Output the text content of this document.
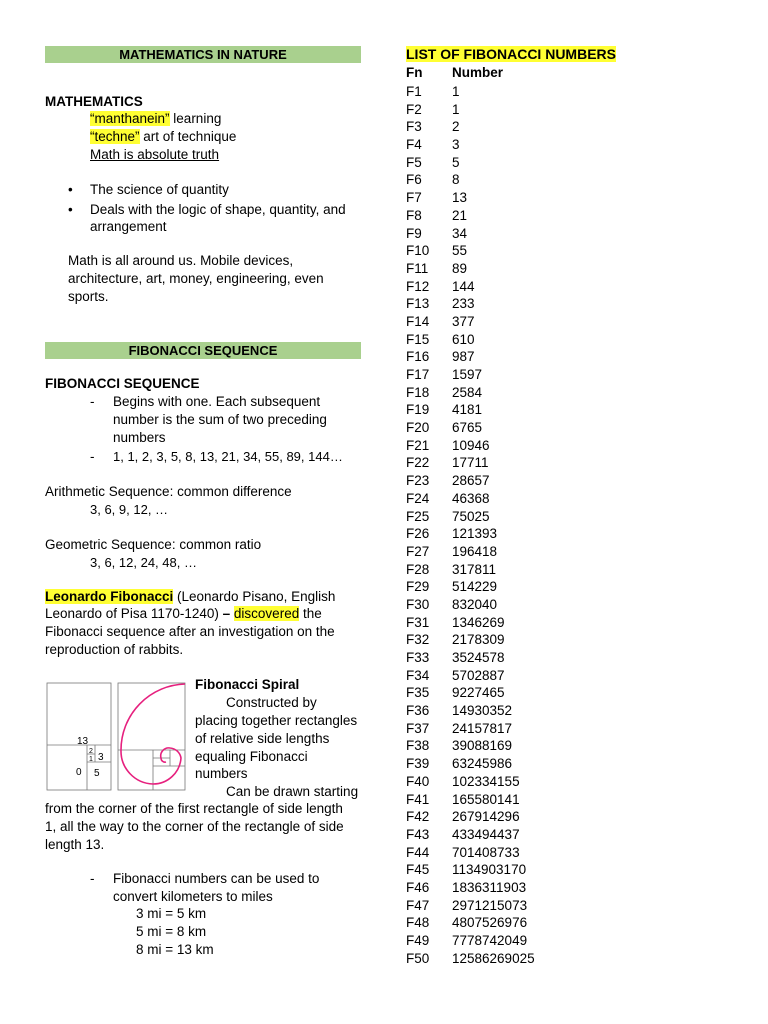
MATHEMATICS IN NATURE
MATHEMATICS
“manthanein” learning
“techne” art of technique
Math is absolute truth
• The science of quantity
• Deals with the logic of shape, quantity, and
arrangement
Math is all around us. Mobile devices,
architecture, art, money, engineering, even
sports.
FIBONACCI SEQUENCE
FIBONACCI SEQUENCE
- Begins with one. Each subsequent
number is the sum of two preceding
numbers
- 1, 1, 2, 3, 5, 8, 13, 21, 34, 55, 89, 144…
Arithmetic Sequence: common difference
3, 6, 9, 12, …
Geometric Sequence: common ratio
3, 6, 12, 24, 48, …
Leonardo Fibonacci (Leonardo Pisano, English
Leonardo of Pisa 1170-1240) – discovered the
Fibonacci sequence after an investigation on the
reproduction of rabbits.
13
2
1 3
0 5
Fibonacci Spiral
Constructed by
placing together rectangles
of relative side lengths
equaling Fibonacci
numbers
Can be drawn starting
from the corner of the first rectangle of side length
1, all the way to the corner of the rectangle of side
length 13.
- Fibonacci numbers can be used to
convert kilometers to miles
3 mi = 5 km
5 mi = 8 km
8 mi = 13 km
LIST OF FIBONACCI NUMBERS
Fn Number
F1 1
F2 1
F3 2
F4 3
F5 5
F6 8
F7 13
F8 21
F9 34
F10 55
F11 89
F12 144
F13 233
F14 377
F15 610
F16 987
F17 1597
F18 2584
F19 4181
F20 6765
F21 10946
F22 17711
F23 28657
F24 46368
F25 75025
F26 121393
F27 196418
F28 317811
F29 514229
F30 832040
F31 1346269
F32 2178309
F33 3524578
F34 5702887
F35 9227465
F36 14930352
F37 24157817
F38 39088169
F39 63245986
F40 102334155
F41 165580141
F42 267914296
F43 433494437
F44 701408733
F45 1134903170
F46 1836311903
F47 2971215073
F48 4807526976
F49 7778742049
F50 12586269025
